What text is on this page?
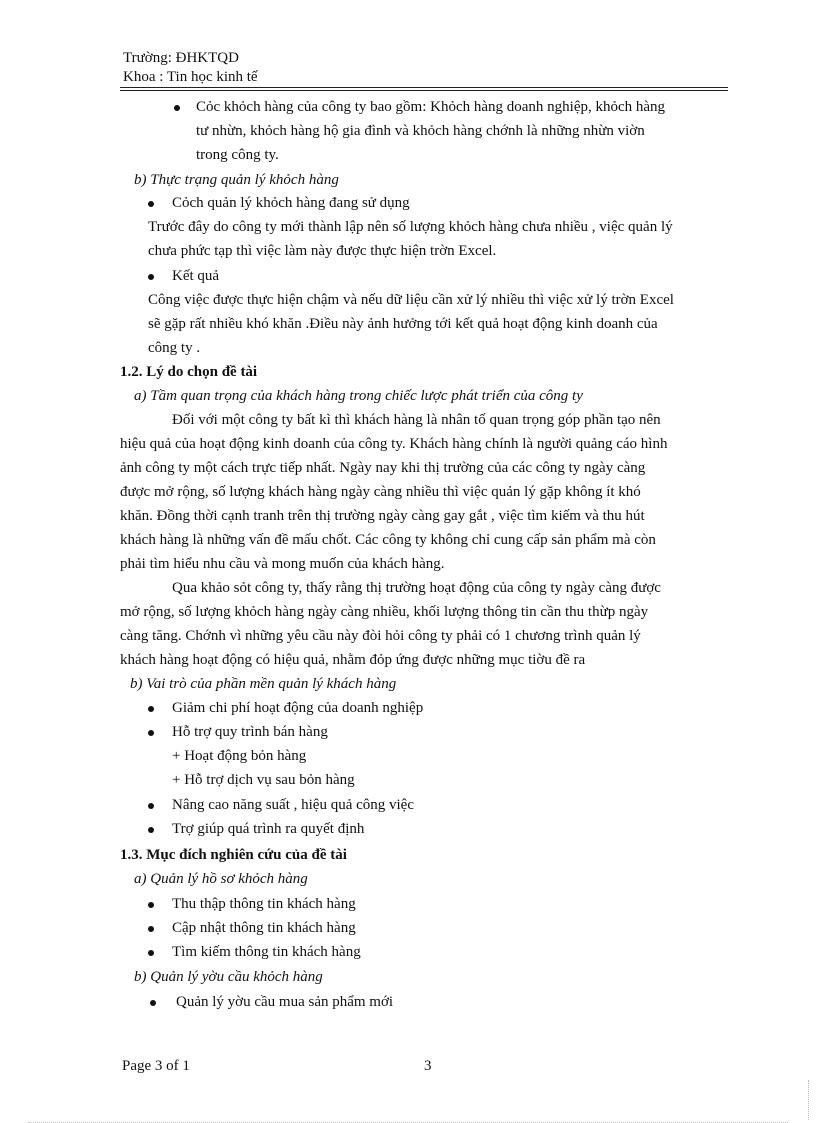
Trường: ĐHKTQD
Khoa : Tin học kinh tế
Cỏc khỏch hàng của công ty bao gồm: Khỏch hàng doanh nghiệp, khỏch hàng
tư nhừn, khỏch hàng hộ gia đình và khỏch hàng chớnh là những nhừn viờn
trong công ty.
b) Thực trạng quản lý khỏch hàng
Cỏch quản lý khỏch hàng đang sử dụng
Trước đây do công ty mới thành lập nên số lượng khỏch hàng chưa nhiều , việc quản lý
chưa phức tạp thì việc làm này được thực hiện trờn Excel.
Kết quả
Công việc được thực hiện chậm và nếu dữ liệu cần xử lý nhiều thì việc xử lý trờn Excel
sẽ gặp rất nhiều khó khăn .Điều này ảnh hưởng tới kết quả hoạt động kinh doanh của
công ty .
1.2. Lý do chọn đề tài
a) Tầm quan trọng của khách hàng trong chiếc lược phát triển của công ty
Đối với một công ty bất kì thì khách hàng là nhân tố quan trọng góp phần tạo nên
hiệu quả của hoạt động kinh doanh của công ty. Khách hàng chính là người quảng cáo hình
ảnh công ty một cách trực tiếp nhất. Ngày nay khi thị trường của các công ty ngày càng
được mở rộng, số lượng khách hàng ngày càng nhiều thì việc quản lý gặp không ít khó
khăn. Đồng thời cạnh tranh trên thị trường ngày càng gay gắt , việc tìm kiếm và thu hút
khách hàng là những vấn đề mấu chốt. Các công ty không chỉ cung cấp sản phẩm mà còn
phải tìm hiểu nhu cầu và mong muốn của khách hàng.
Qua khảo sỏt công ty, thấy rằng thị trường hoạt động của công ty ngày càng được
mở rộng, số lượng khỏch hàng ngày càng nhiều, khối lượng thông tin cần thu thừp ngày
càng tăng. Chớnh vì những yêu cầu này đòi hỏi công ty phải có 1 chương trình quản lý
khách hàng hoạt động có hiệu quả, nhằm đỏp ứng được những mục tiờu đề ra
b) Vai trò của phần mền quản lý khách hàng
Giảm chi phí hoạt động của doanh nghiệp
Hỗ trợ quy trình bán hàng
+ Hoạt động bỏn hàng
+ Hỗ trợ dịch vụ sau bỏn hàng
Nâng cao năng suất , hiệu quả công việc
Trợ giúp quá trình ra quyết định
1.3. Mục đích nghiên cứu của đề tài
a) Quản lý hồ sơ khỏch hàng
Thu thập thông tin khách hàng
Cập nhật thông tin khách hàng
Tìm kiếm thông tin khách hàng
b) Quản lý yờu cầu khỏch hàng
Quản lý yờu cầu mua sản phẩm mới
Page 3 of 1	3
